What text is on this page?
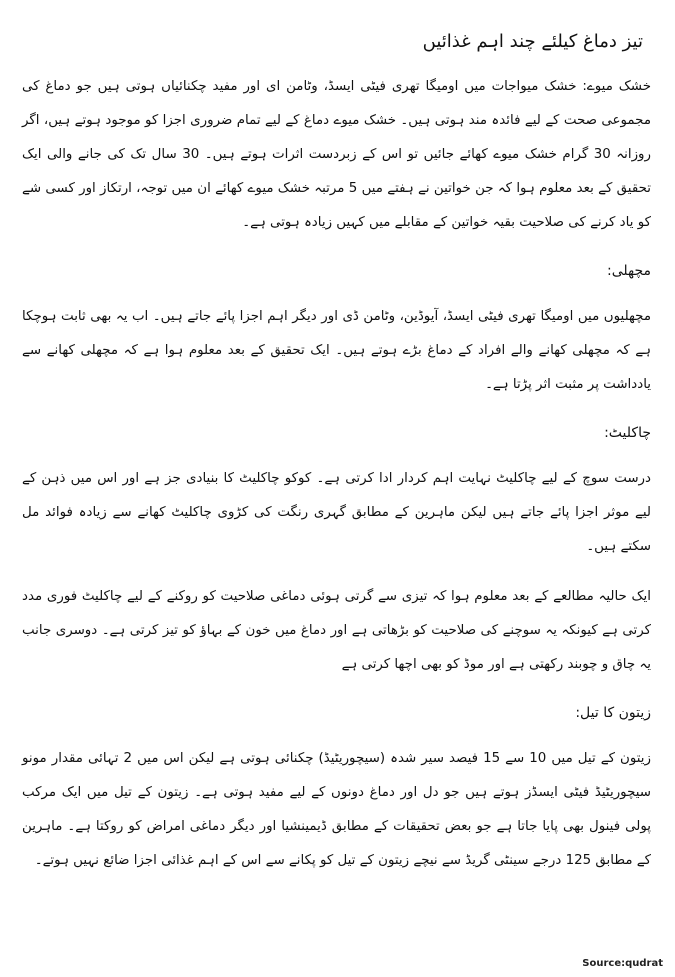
تیز دماغ کیلئے چند اہم غذائیں

خشک میوے: خشک میواجات میں اومیگا تھری فیٹی ایسڈ، وٹامن ای اور مفید چکنائیاں ہوتی ہیں جو دماغ کی مجموعی صحت کے لیے فائدہ مند ہوتی ہیں۔ خشک میوے دماغ کے لیے تمام ضروری اجزا کو موجود ہوتے ہیں، اگر روزانہ 30 گرام خشک میوے کھائے جائیں تو اس کے زبردست اثرات ہوتے ہیں۔ 30 سال تک کی جانے والی ایک تحقیق کے بعد معلوم ہوا کہ جن خواتین نے ہفتے میں 5 مرتبہ خشک میوے کھائے ان میں توجہ، ارتکاز اور کسی شے کو یاد کرنے کی صلاحیت بقیہ خواتین کے مقابلے میں کہیں زیادہ ہوتی ہے۔

مچھلی:

مچھلیوں میں اومیگا تھری فیٹی ایسڈ، آیوڈین، وٹامن ڈی اور دیگر اہم اجزا پائے جاتے ہیں۔ اب یہ بھی ثابت ہوچکا ہے کہ مچھلی کھانے والے افراد کے دماغ بڑے ہوتے ہیں۔ ایک تحقیق کے بعد معلوم ہوا ہے کہ مچھلی کھانے سے یادداشت پر مثبت اثر پڑتا ہے۔

چاکلیٹ:

درست سوچ کے لیے چاکلیٹ نہایت اہم کردار ادا کرتی ہے۔ کوکو چاکلیٹ کا بنیادی جز ہے اور اس میں ذہن کے لیے موثر اجزا پائے جاتے ہیں لیکن ماہرین کے مطابق گہری رنگت کی کڑوی چاکلیٹ کھانے سے زیادہ فوائد مل سکتے ہیں۔

ایک حالیہ مطالعے کے بعد معلوم ہوا کہ تیزی سے گرتی ہوئی دماغی صلاحیت کو روکنے کے لیے چاکلیٹ فوری مدد کرتی ہے کیونکہ یہ سوچنے کی صلاحیت کو بڑھاتی ہے اور دماغ میں خون کے بہاؤ کو تیز کرتی ہے۔ دوسری جانب یہ چاق و چوبند رکھتی ہے اور موڈ کو بھی اچھا کرتی ہے

زیتون کا تیل:

زیتون کے تیل میں 10 سے 15 فیصد سیر شدہ (سیچوریٹیڈ) چکنائی ہوتی ہے لیکن اس میں 2 تہائی مقدار مونو سیچوریٹیڈ فیٹی ایسڈز ہوتے ہیں جو دل اور دماغ دونوں کے لیے مفید ہوتی ہے۔ زیتون کے تیل میں ایک مرکب پولی فینول بھی پایا جاتا ہے جو بعض تحقیقات کے مطابق ڈیمینشیا اور دیگر دماغی امراض کو روکتا ہے۔ ماہرین کے مطابق 125 درجے سینٹی گریڈ سے نیچے زیتون کے تیل کو پکانے سے اس کے اہم غذائی اجزا ضائع نہیں ہوتے۔

Source:qudrat
